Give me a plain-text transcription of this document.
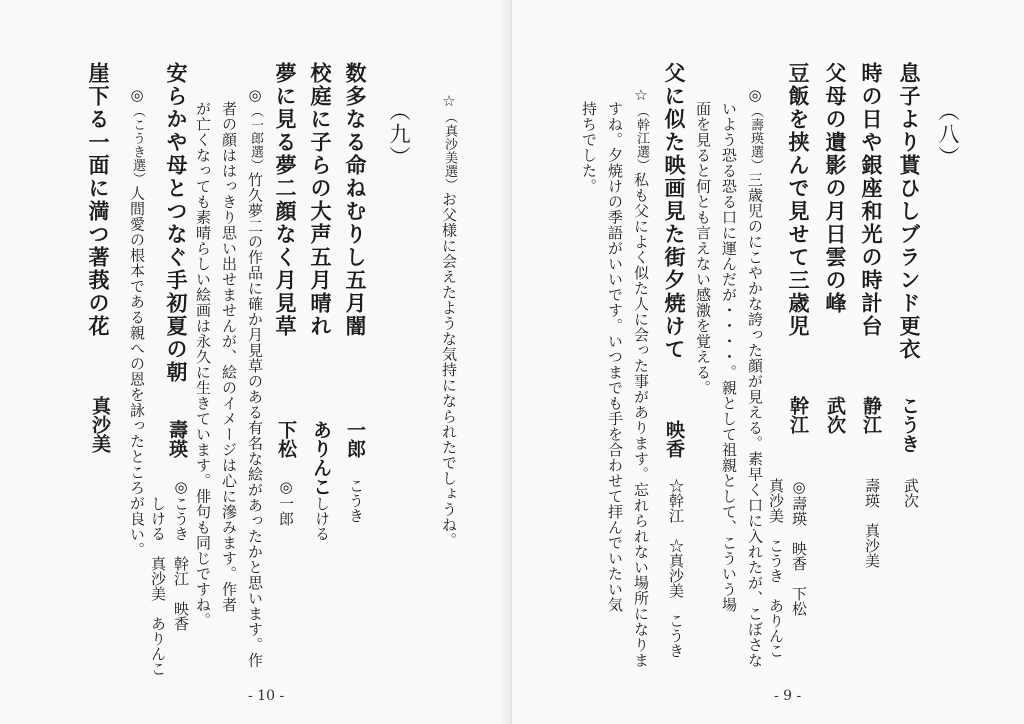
☆（真沙美選）お父様に会えたような気持になられたでしょうね。

（九）
数多なる命ねむりし五月闇
一郎
こうき
校庭に子らの大声五月晴れ
ありんこ
しける
夢に見る夢二顔なく月見草
下松
◎一郎

◎（一郎選）竹久夢二の作品に確か月見草のある有名な絵があったかと思います。作

者の顔ははっきり思い出せませんが、絵のイメージは心に滲みます。作者

が亡くなっても素晴らしい絵画は永久に生きています。俳句も同じですね。

安らかや母とつなぐ手初夏の朝
壽瑛
◎こうき　幹江　映香
しける　真沙美　ありんこ

◎（こうき選）人間愛の根本である親への恩を詠ったところが良い。

崖下る一面に満つ著莪の花
真沙美
- 10 -
（八）
息子より貰ひしブランド更衣
こうき
武次
時の日や銀座和光の時計台
静江
壽瑛　真沙美
父母の遺影の月日雲の峰
武次
豆飯を挟んで見せて三歳児
幹江
◎壽瑛　映香　下松
真沙美　こうき　ありんこ

◎（壽瑛選）三歳児のにこやかな誇った顔が見える。素早く口に入れたが、こぼさな

いよう恐る恐る口に運んだが・・・・。親として祖親として、こういう場

面を見ると何とも言えない感激を覚える。

父に似た映画見た街夕焼けて
映香
☆幹江　☆真沙美　こうき

☆（幹江選）私も父によく似た人に会った事があります。忘れられない場所になりま

すね。夕焼けの季語がいいです。いつまでも手を合わせて拝んでいたい気

持ちでした。

- 9 -
